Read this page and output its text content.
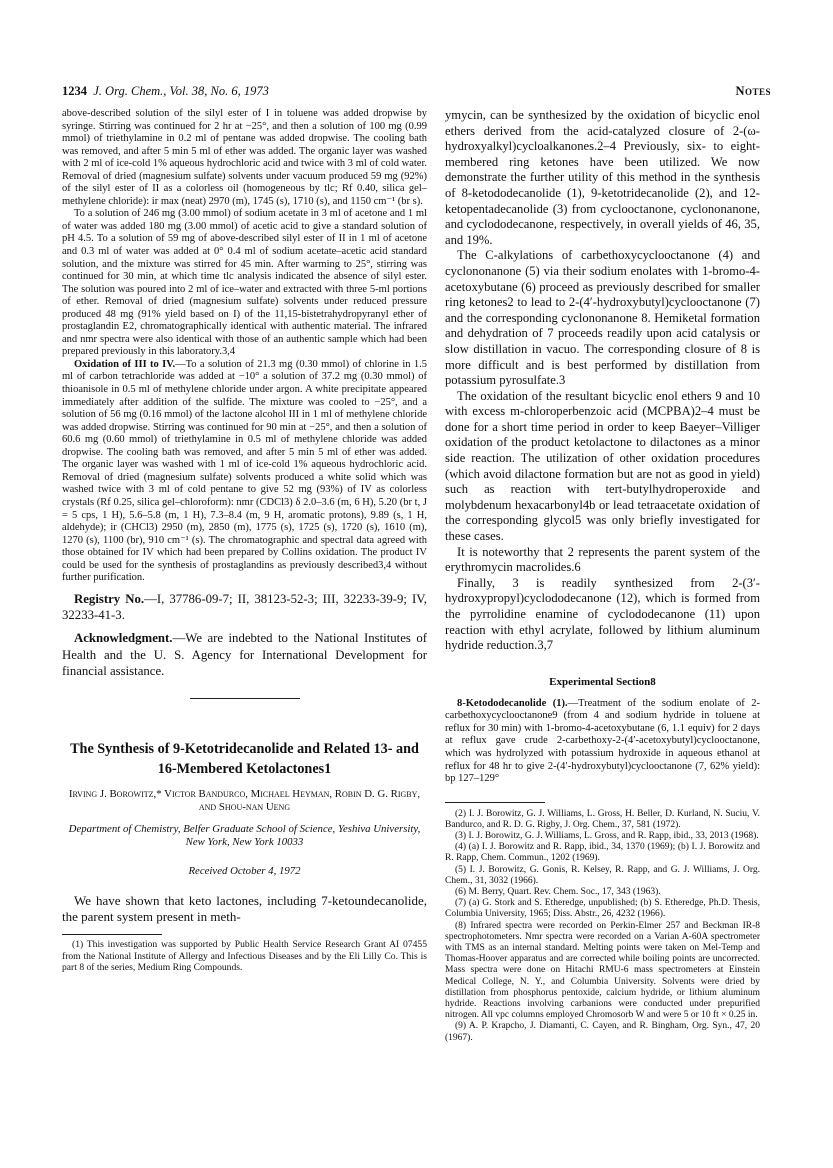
1234 J. Org. Chem., Vol. 38, No. 6, 1973	Notes

above-described solution of the silyl ester of I in toluene was added dropwise by syringe. Stirring was continued for 2 hr at −25°, and then a solution of 100 mg (0.99 mmol) of triethylamine in 0.2 ml of pentane was added dropwise. The cooling bath was removed, and after 5 min 5 ml of ether was added. The organic layer was washed with 2 ml of ice-cold 1% aqueous hydrochloric acid and twice with 3 ml of cold water. Removal of dried (magnesium sulfate) solvents under vacuum produced 59 mg (92%) of the silyl ester of II as a colorless oil (homogeneous by tlc; Rf 0.40, silica gel–methylene chloride): ir max (neat) 2970 (m), 1745 (s), 1710 (s), and 1150 cm⁻¹ (br s).

To a solution of 246 mg (3.00 mmol) of sodium acetate in 3 ml of acetone and 1 ml of water was added 180 mg (3.00 mmol) of acetic acid to give a standard solution of pH 4.5. To a solution of 59 mg of above-described silyl ester of II in 1 ml of acetone and 0.3 ml of water was added at 0° 0.4 ml of sodium acetate–acetic acid standard solution, and the mixture was stirred for 45 min. After warming to 25°, stirring was continued for 30 min, at which time tlc analysis indicated the absence of silyl ester. The solution was poured into 2 ml of ice–water and extracted with three 5-ml portions of ether. Removal of dried (magnesium sulfate) solvents under reduced pressure produced 48 mg (91% yield based on I) of the 11,15-bistetrahydropyranyl ether of prostaglandin E2, chromatographically identical with authentic material. The infrared and nmr spectra were also identical with those of an authentic sample which had been prepared previously in this laboratory.3,4

Oxidation of III to IV.—To a solution of 21.3 mg (0.30 mmol) of chlorine in 1.5 ml of carbon tetrachloride was added at −10° a solution of 37.2 mg (0.30 mmol) of thioanisole in 0.5 ml of methylene chloride under argon. A white precipitate appeared immediately after addition of the sulfide. The mixture was cooled to −25°, and a solution of 56 mg (0.16 mmol) of the lactone alcohol III in 1 ml of methylene chloride was added dropwise. Stirring was continued for 90 min at −25°, and then a solution of 60.6 mg (0.60 mmol) of triethylamine in 0.5 ml of methylene chloride was added dropwise. The cooling bath was removed, and after 5 min 5 ml of ether was added. The organic layer was washed with 1 ml of ice-cold 1% aqueous hydrochloric acid. Removal of dried (magnesium sulfate) solvents produced a white solid which was washed twice with 3 ml of cold pentane to give 52 mg (93%) of IV as colorless crystals (Rf 0.25, silica gel–chloroform): nmr (CDCl3) δ 2.0–3.6 (m, 6 H), 5.20 (br t, J = 5 cps, 1 H), 5.6–5.8 (m, 1 H), 7.3–8.4 (m, 9 H, aromatic protons), 9.89 (s, 1 H, aldehyde); ir (CHCl3) 2950 (m), 2850 (m), 1775 (s), 1725 (s), 1720 (s), 1610 (m), 1270 (s), 1100 (br), 910 cm⁻¹ (s). The chromatographic and spectral data agreed with those obtained for IV which had been prepared by Collins oxidation. The product IV could be used for the synthesis of prostaglandins as previously described3,4 without further purification.

Registry No.—I, 37786-09-7; II, 38123-52-3; III, 32233-39-9; IV, 32233-41-3.

Acknowledgment.—We are indebted to the National Institutes of Health and the U. S. Agency for International Development for financial assistance.

The Synthesis of 9-Ketotridecanolide and Related 13- and 16-Membered Ketolactones1
Irving J. Borowitz,* Victor Bandurco, Michael Heyman, Robin D. G. Rigby, and Shou-nan Ueng
Department of Chemistry, Belfer Graduate School of Science, Yeshiva University, New York, New York 10033
Received October 4, 1972

We have shown that keto lactones, including 7-ketoundecanolide, the parent system present in meth-

(1) This investigation was supported by Public Health Service Research Grant AI 07455 from the National Institute of Allergy and Infectious Diseases and by the Eli Lilly Co. This is part 8 of the series, Medium Ring Compounds.

ymycin, can be synthesized by the oxidation of bicyclic enol ethers derived from the acid-catalyzed closure of 2-(ω-hydroxyalkyl)cycloalkanones.2–4 Previously, six- to eight-membered ring ketones have been utilized. We now demonstrate the further utility of this method in the synthesis of 8-ketododecanolide (1), 9-ketotridecanolide (2), and 12-ketopentadecanolide (3) from cyclooctanone, cyclononanone, and cyclododecanone, respectively, in overall yields of 46, 35, and 19%.

The C-alkylations of carbethoxycyclooctanone (4) and cyclononanone (5) via their sodium enolates with 1-bromo-4-acetoxybutane (6) proceed as previously described for smaller ring ketones2 to lead to 2-(4′-hydroxybutyl)cyclooctanone (7) and the corresponding cyclononanone 8. Hemiketal formation and dehydration of 7 proceeds readily upon acid catalysis or slow distillation in vacuo. The corresponding closure of 8 is more difficult and is best performed by distillation from potassium pyrosulfate.3

The oxidation of the resultant bicyclic enol ethers 9 and 10 with excess m-chloroperbenzoic acid (MCPBA)2–4 must be done for a short time period in order to keep Baeyer–Villiger oxidation of the product ketolactone to dilactones as a minor side reaction. The utilization of other oxidation procedures (which avoid dilactone formation but are not as good in yield) such as reaction with tert-butylhydroperoxide and molybdenum hexacarbonyl4b or lead tetraacetate oxidation of the corresponding glycol5 was only briefly investigated for these cases.

It is noteworthy that 2 represents the parent system of the erythromycin macrolides.6

Finally, 3 is readily synthesized from 2-(3′-hydroxypropyl)cyclododecanone (12), which is formed from the pyrrolidine enamine of cyclododecanone (11) upon reaction with ethyl acrylate, followed by lithium aluminum hydride reduction.3,7

Experimental Section8

8-Ketododecanolide (1).—Treatment of the sodium enolate of 2-carbethoxycyclooctanone9 (from 4 and sodium hydride in toluene at reflux for 30 min) with 1-bromo-4-acetoxybutane (6, 1.1 equiv) for 2 days at reflux gave crude 2-carbethoxy-2-(4′-acetoxybutyl)cyclooctanone, which was hydrolyzed with potassium hydroxide in aqueous ethanol at reflux for 48 hr to give 2-(4′-hydroxybutyl)cyclooctanone (7, 62% yield): bp 127–129°

(2) I. J. Borowitz, G. J. Williams, L. Gross, H. Beller, D. Kurland, N. Suciu, V. Bandurco, and R. D. G. Rigby, J. Org. Chem., 37, 581 (1972).

(3) I. J. Borowitz, G. J. Williams, L. Gross, and R. Rapp, ibid., 33, 2013 (1968).

(4) (a) I. J. Borowitz and R. Rapp, ibid., 34, 1370 (1969); (b) I. J. Borowitz and R. Rapp, Chem. Commun., 1202 (1969).

(5) I. J. Borowitz, G. Gonis, R. Kelsey, R. Rapp, and G. J. Williams, J. Org. Chem., 31, 3032 (1966).

(6) M. Berry, Quart. Rev. Chem. Soc., 17, 343 (1963).

(7) (a) G. Stork and S. Etheredge, unpublished; (b) S. Etheredge, Ph.D. Thesis, Columbia University, 1965; Diss. Abstr., 26, 4232 (1966).

(8) Infrared spectra were recorded on Perkin-Elmer 257 and Beckman IR-8 spectrophotometers. Nmr spectra were recorded on a Varian A-60A spectrometer with TMS as an internal standard. Melting points were taken on Mel-Temp and Thomas-Hoover apparatus and are corrected while boiling points are uncorrected. Mass spectra were done on Hitachi RMU-6 mass spectrometers at Einstein Medical College, N. Y., and Columbia University. Solvents were dried by distillation from phosphorus pentoxide, calcium hydride, or lithium aluminum hydride. Reactions involving carbanions were conducted under prepurified nitrogen. All vpc columns employed Chromosorb W and were 5 or 10 ft × 0.25 in.

(9) A. P. Krapcho, J. Diamanti, C. Cayen, and R. Bingham, Org. Syn., 47, 20 (1967).
